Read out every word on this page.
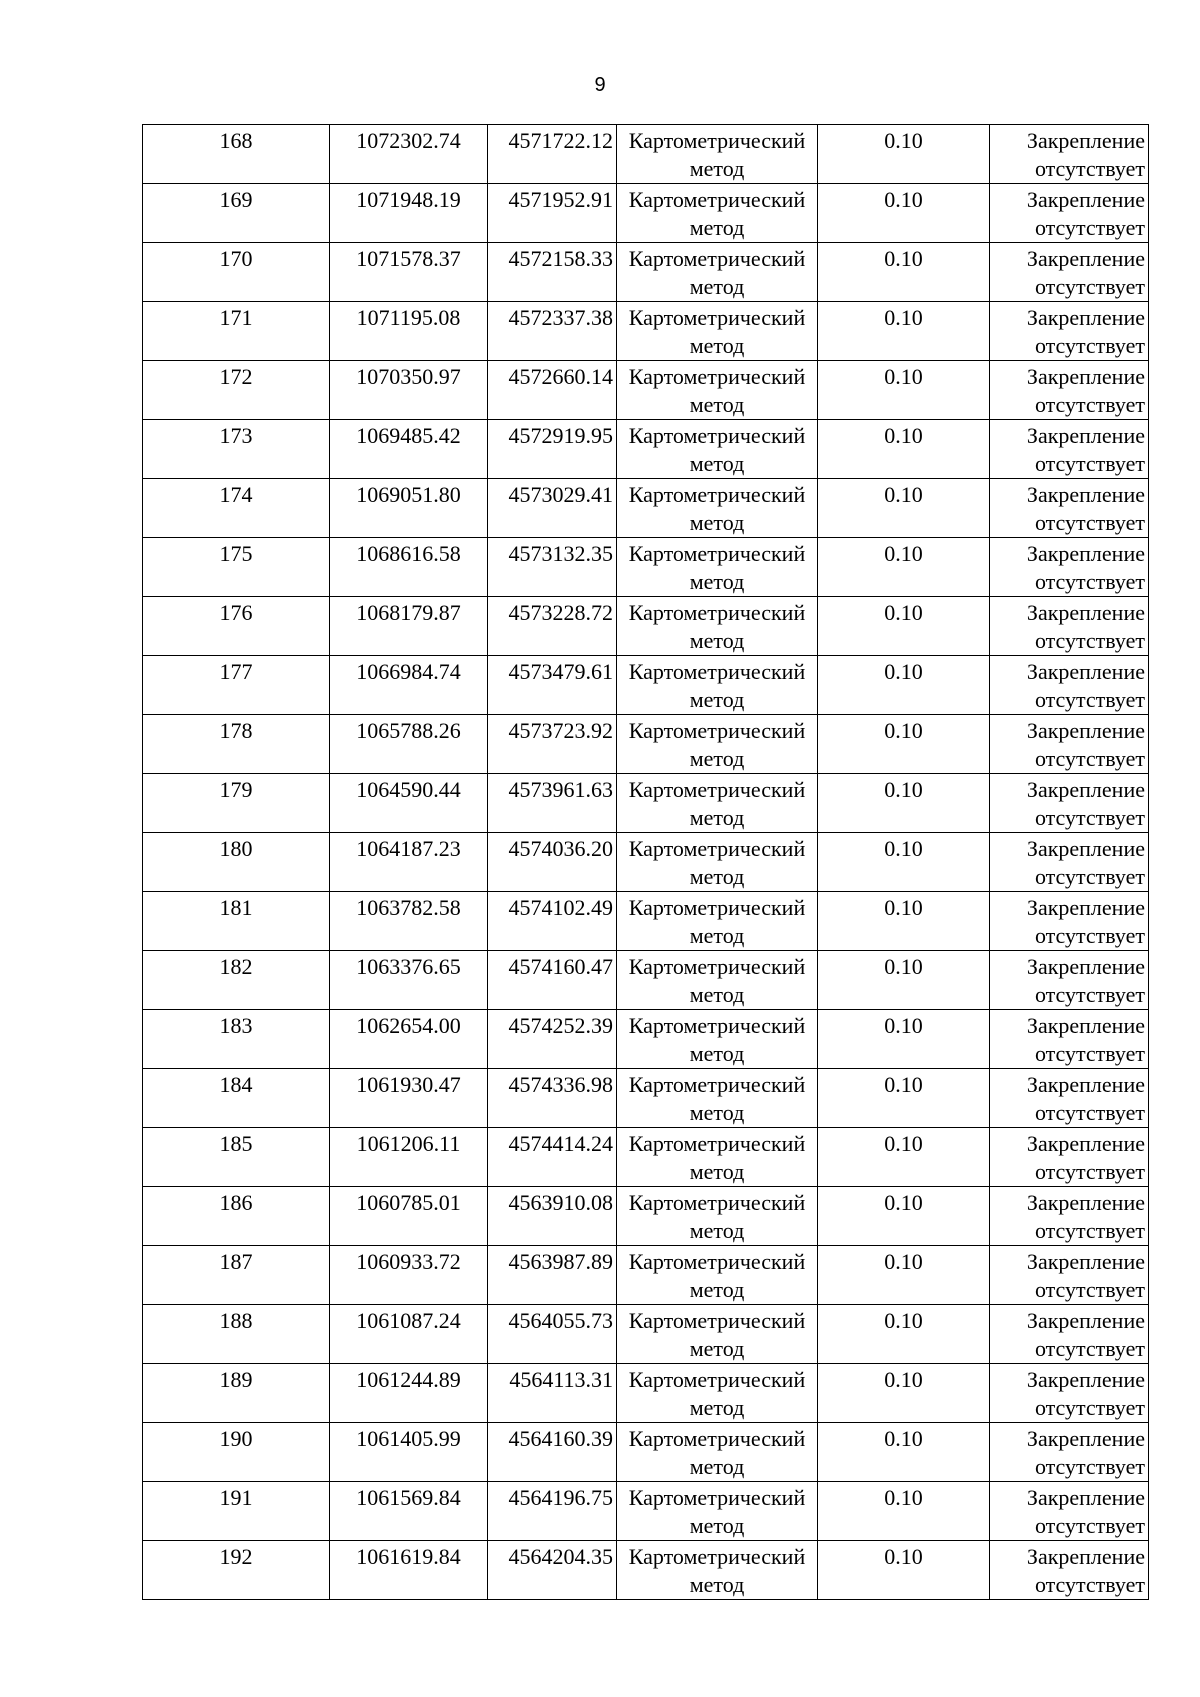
9
168	1072302.74	4571722.12	Картометрический
метод	0.10	Закрепление
отсутствует

169	1071948.19	4571952.91	Картометрический
метод	0.10	Закрепление
отсутствует

170	1071578.37	4572158.33	Картометрический
метод	0.10	Закрепление
отсутствует

171	1071195.08	4572337.38	Картометрический
метод	0.10	Закрепление
отсутствует

172	1070350.97	4572660.14	Картометрический
метод	0.10	Закрепление
отсутствует

173	1069485.42	4572919.95	Картометрический
метод	0.10	Закрепление
отсутствует

174	1069051.80	4573029.41	Картометрический
метод	0.10	Закрепление
отсутствует

175	1068616.58	4573132.35	Картометрический
метод	0.10	Закрепление
отсутствует

176	1068179.87	4573228.72	Картометрический
метод	0.10	Закрепление
отсутствует

177	1066984.74	4573479.61	Картометрический
метод	0.10	Закрепление
отсутствует

178	1065788.26	4573723.92	Картометрический
метод	0.10	Закрепление
отсутствует

179	1064590.44	4573961.63	Картометрический
метод	0.10	Закрепление
отсутствует

180	1064187.23	4574036.20	Картометрический
метод	0.10	Закрепление
отсутствует

181	1063782.58	4574102.49	Картометрический
метод	0.10	Закрепление
отсутствует

182	1063376.65	4574160.47	Картометрический
метод	0.10	Закрепление
отсутствует

183	1062654.00	4574252.39	Картометрический
метод	0.10	Закрепление
отсутствует

184	1061930.47	4574336.98	Картометрический
метод	0.10	Закрепление
отсутствует

185	1061206.11	4574414.24	Картометрический
метод	0.10	Закрепление
отсутствует

186	1060785.01	4563910.08	Картометрический
метод	0.10	Закрепление
отсутствует

187	1060933.72	4563987.89	Картометрический
метод	0.10	Закрепление
отсутствует

188	1061087.24	4564055.73	Картометрический
метод	0.10	Закрепление
отсутствует

189	1061244.89	4564113.31	Картометрический
метод	0.10	Закрепление
отсутствует

190	1061405.99	4564160.39	Картометрический
метод	0.10	Закрепление
отсутствует

191	1061569.84	4564196.75	Картометрический
метод	0.10	Закрепление
отсутствует

192	1061619.84	4564204.35	Картометрический
метод	0.10	Закрепление
отсутствует
